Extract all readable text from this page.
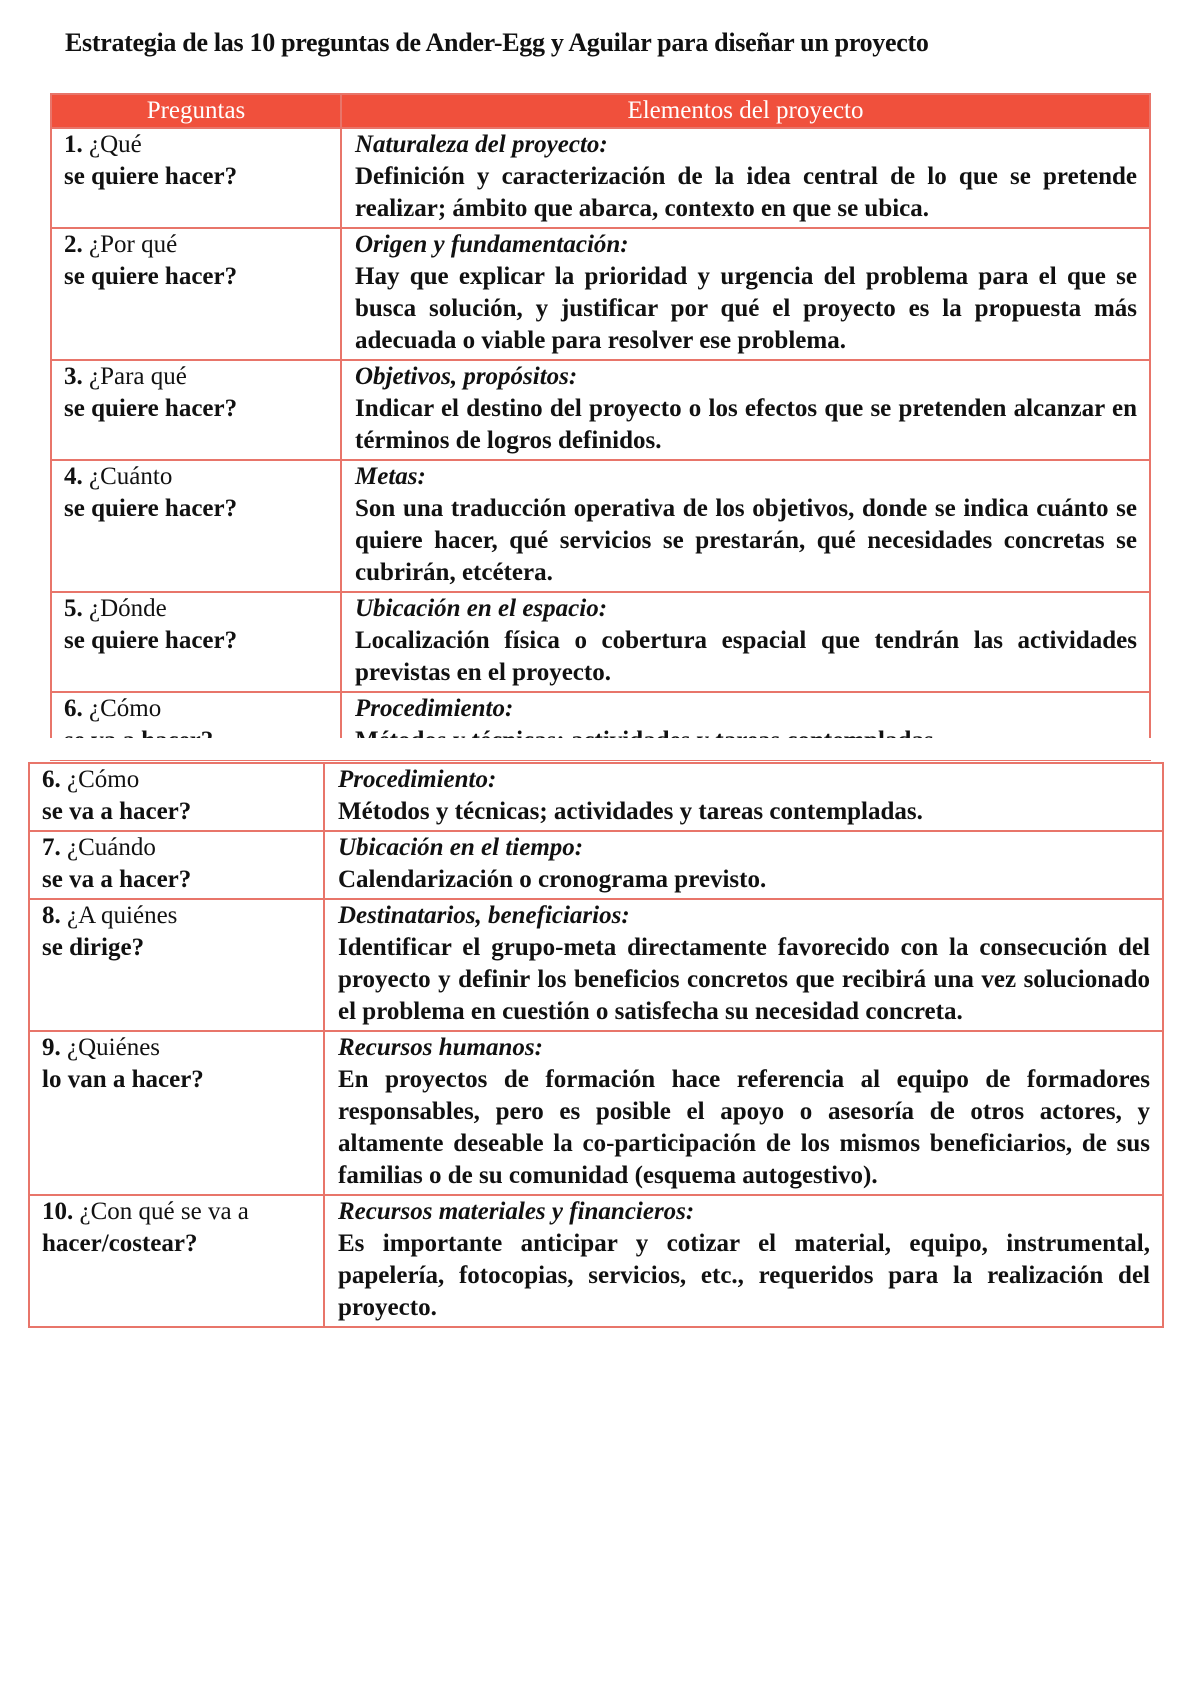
Estrategia de las 10 preguntas de Ander-Egg y Aguilar para diseñar un proyecto
Preguntas	Elementos del proyecto
1. ¿Qué
se quiere hacer?	Naturaleza del proyecto:
Definición y caracterización de la idea central de lo que se pretende realizar; ámbito que abarca, contexto en que se ubica.

2. ¿Por qué
se quiere hacer?	Origen y fundamentación:
Hay que explicar la prioridad y urgencia del problema para el que se busca solución, y justificar por qué el proyecto es la propuesta más adecuada o viable para resolver ese problema.

3. ¿Para qué
se quiere hacer?	Objetivos, propósitos:
Indicar el destino del proyecto o los efectos que se pretenden alcanzar en términos de logros definidos.

4. ¿Cuánto
se quiere hacer?	Metas:
Son una traducción operativa de los objetivos, donde se indica cuánto se quiere hacer, qué servicios se prestarán, qué necesidades concretas se cubrirán, etcétera.

5. ¿Dónde
se quiere hacer?	Ubicación en el espacio:
Localización física o cobertura espacial que tendrán las actividades previstas en el proyecto.

6. ¿Cómo	Procedimiento:
6. ¿Cómo
se va a hacer?	Procedimiento:
Métodos y técnicas; actividades y tareas contempladas.

7. ¿Cuándo
se va a hacer?	Ubicación en el tiempo:
Calendarización o cronograma previsto.

8. ¿A quiénes
se dirige?	Destinatarios, beneficiarios:
Identificar el grupo-meta directamente favorecido con la consecución del proyecto y definir los beneficios concretos que recibirá una vez solucionado el problema en cuestión o satisfecha su necesidad concreta.

9. ¿Quiénes
lo van a hacer?	Recursos humanos:
En proyectos de formación hace referencia al equipo de formadores responsables, pero es posible el apoyo o asesoría de otros actores, y altamente deseable la co-participación de los mismos beneficiarios, de sus familias o de su comunidad (esquema autogestivo).

10. ¿Con qué se va a
hacer/costear?	Recursos materiales y financieros:
Es importante anticipar y cotizar el material, equipo, instrumental, papelería, fotocopias, servicios, etc., requeridos para la realización del proyecto.
